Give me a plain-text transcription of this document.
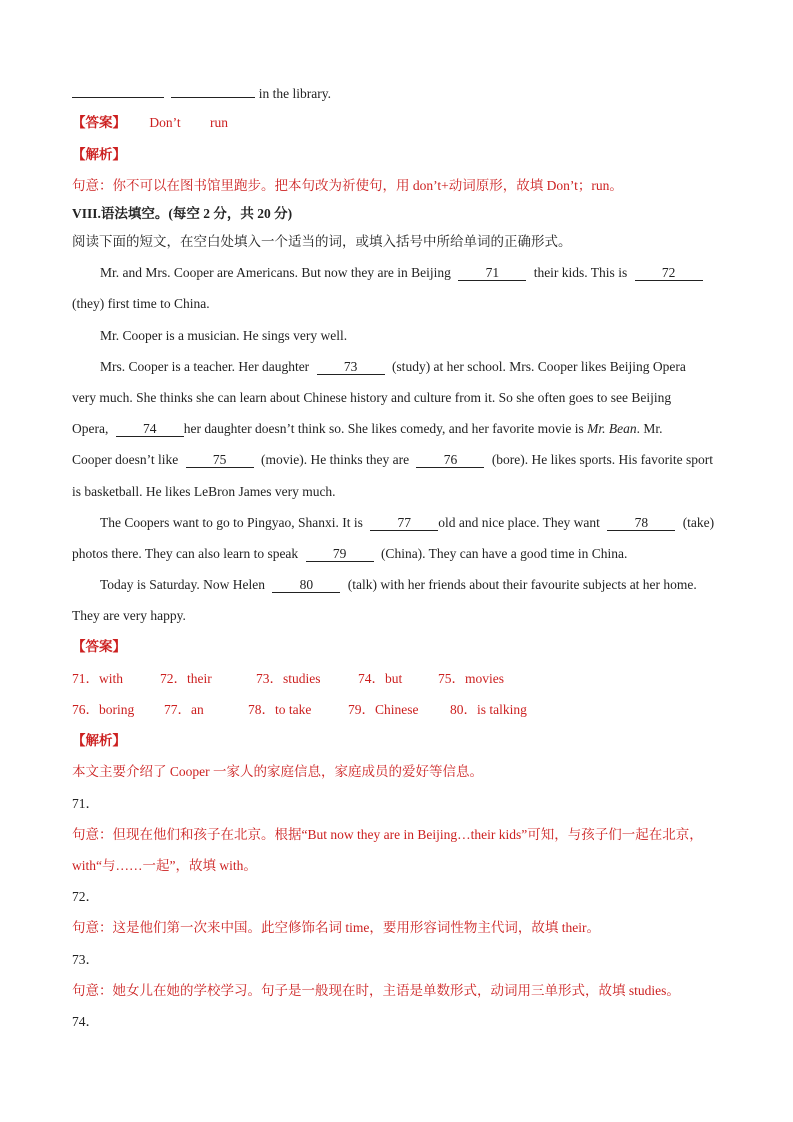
in the library.
【答案】 Don’t run
【解析】
句意：你不可以在图书馆里跑步。把本句改为祈使句，用 don’t+动词原形，故填 Don’t；run。
VIII.语法填空。(每空 2 分，共 20 分)
阅读下面的短文，在空白处填入一个适当的词，或填入括号中所给单词的正确形式。
Mr. and Mrs. Cooper are Americans. But now they are in Beijing	71	their kids. This is	72
(they) first time to China.
Mr. Cooper is a musician. He sings very well.
Mrs. Cooper is a teacher. Her daughter	73	(study) at her school. Mrs. Cooper likes Beijing Opera
very much. She thinks she can learn about Chinese history and culture from it. So she often goes to see Beijing
Opera,	74 her daughter doesn’t think so. She likes comedy, and her favorite movie is Mr. Bean. Mr.
Cooper doesn’t like	75	(movie). He thinks they are	76	(bore). He likes sports. His favorite sport
is basketball. He likes LeBron James very much.
The Coopers want to go to Pingyao, Shanxi. It is	77 old and nice place. They want	78	(take)
photos there. They can also learn to speak	79	(China). They can have a good time in China.
Today is Saturday. Now Helen	80	(talk) with her friends about their favourite subjects at her home.
They are very happy.
【答案】
71．with	72．their	73．studies	74．but	75．movies
76．boring 77．an	78．to take	79．Chinese 80．is talking
【解析】
本文主要介绍了 Cooper 一家人的家庭信息，家庭成员的爱好等信息。
71．
句意：但现在他们和孩子在北京。根据“But now they are in Beijing…their kids”可知，与孩子们一起在北京，
with“与……一起”，故填 with。
72．
句意：这是他们第一次来中国。此空修饰名词 time，要用形容词性物主代词，故填 their。
73．
句意：她女儿在她的学校学习。句子是一般现在时，主语是单数形式，动词用三单形式，故填 studies。
74．
